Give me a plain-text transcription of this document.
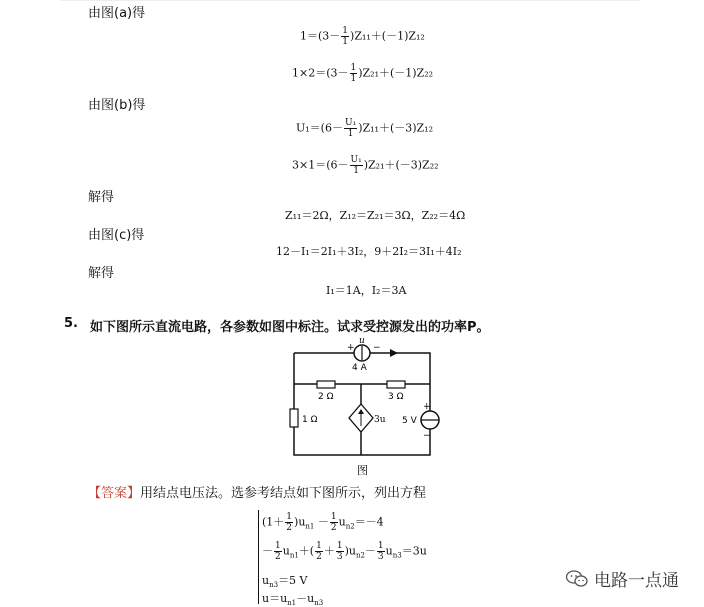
由图(a)得
$1=(3- \frac{1}{1} )Z_{11}+(-1)Z_{12}$
$1\times 2=(3- \frac{1}{1} )Z_{21}+(-1)Z_{22}$
由图(b)得
$U_1=(6- \frac{\text{U₁}}{1} )Z_{11}+(-3)Z_{12}$
$3\times 1=(6- \frac{\text{U₁}}{1} )Z_{21}+(-3)Z_{22}$
解得
Z₁₁＝2Ω，Z₁₂＝Z₂₁＝3Ω，Z₂₂＝4Ω
由图(c)得
12－I₁＝2I₁＋3I₂，9＋2I₂＝3I₁＋4I₂
解得
I₁＝1A，I₂＝3A
5. 如下图所示直流电路，各参数如图中标注。试求受控源发出的功率P。
+ −
u
4 A
2 Ω	3 Ω
1 Ω	3u
+
−
5 V
图
【答案】用结点电压法。选参考结点如下图所示，列出方程
$(1+ \frac{1}{2} )u_{n1} - \frac{1}{2} u_{n2}=-4$
－ $\frac{1}{2} u_{n1}+( \frac{1}{2} + \frac{1}{3} )u_{n2}- \frac{1}{3} u_{n3}=3u$
$u_{n3}=5$ V
$u=u_{n1}-u_{n3}$
电路一点通
